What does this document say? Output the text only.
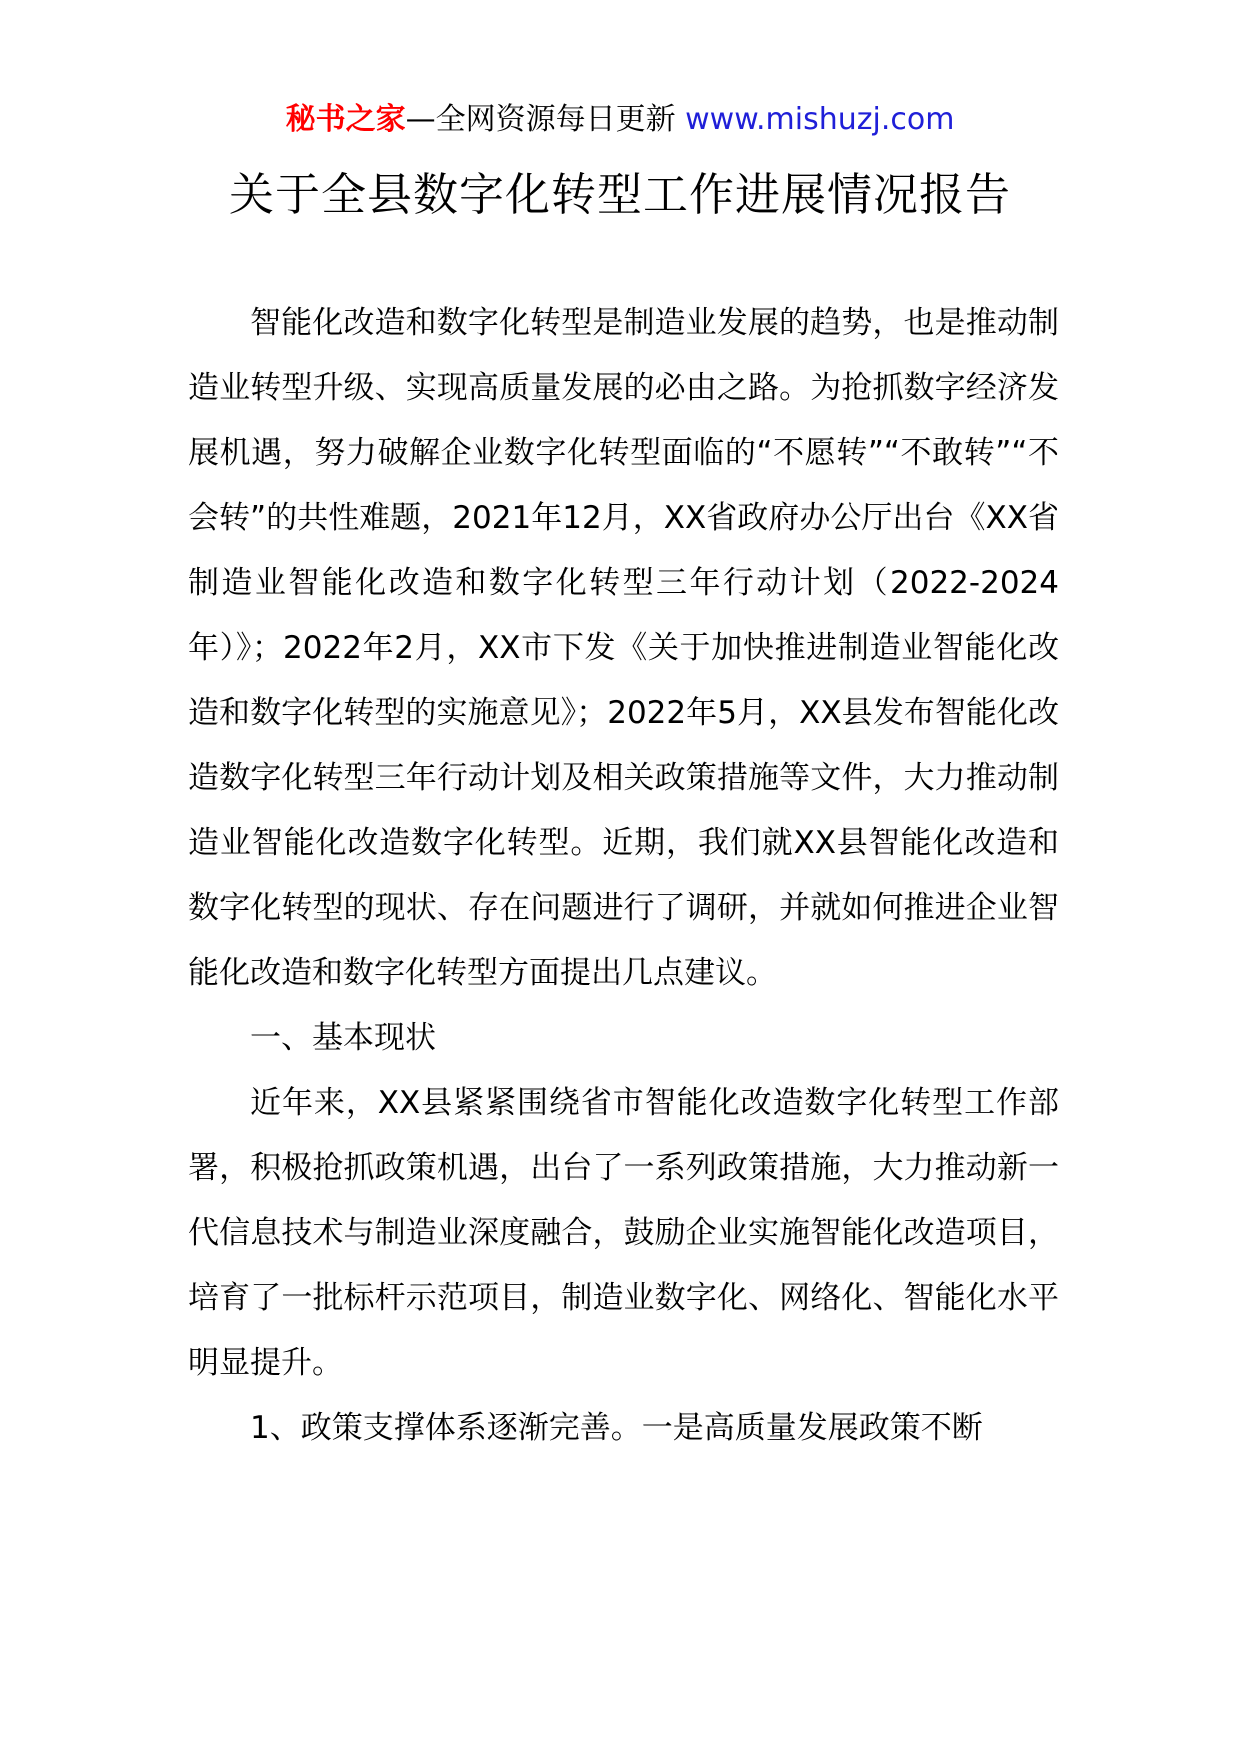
秘书之家—全网资源每日更新 www.mishuzj.com
关于全县数字化转型工作进展情况报告

智能化改造和数字化转型是制造业发展的趋势，也是推动制造业转型升级、实现高质量发展的必由之路。为抢抓数字经济发展机遇，努力破解企业数字化转型面临的“不愿转”“不敢转”“不会转”的共性难题，2021年12月，XX省政府办公厅出台《XX省制造业智能化改造和数字化转型三年行动计划（2022-2024年）》；2022年2月，XX市下发《关于加快推进制造业智能化改造和数字化转型的实施意见》；2022年5月，XX县发布智能化改造数字化转型三年行动计划及相关政策措施等文件，大力推动制造业智能化改造数字化转型。近期，我们就XX县智能化改造和数字化转型的现状、存在问题进行了调研，并就如何推进企业智能化改造和数字化转型方面提出几点建议。

一、基本现状

近年来，XX县紧紧围绕省市智能化改造数字化转型工作部署，积极抢抓政策机遇，出台了一系列政策措施，大力推动新一代信息技术与制造业深度融合，鼓励企业实施智能化改造项目，培育了一批标杆示范项目，制造业数字化、网络化、智能化水平明显提升。

1、政策支撑体系逐渐完善。一是高质量发展政策不断
